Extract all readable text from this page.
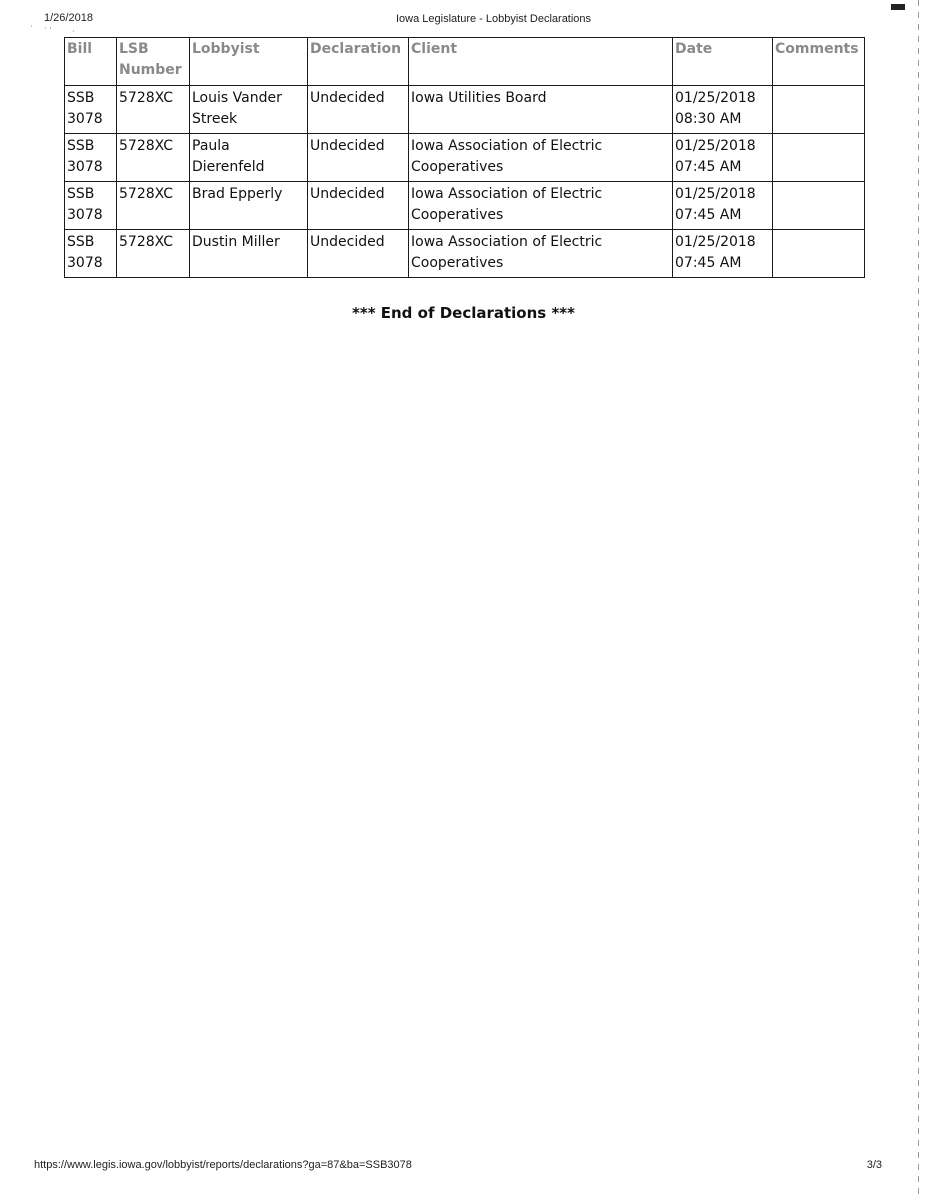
· · ·	·
1/26/2018	Iowa Legislature - Lobbyist Declarations
Bill	LSB Number	Lobbyist	Declaration	Client	Date	Comments
SSB 3078	5728XC	Louis Vander Streek	Undecided	Iowa Utilities Board	01/25/2018 08:30 AM	
SSB 3078	5728XC	Paula Dierenfeld	Undecided	Iowa Association of Electric Cooperatives	01/25/2018 07:45 AM	
SSB 3078	5728XC	Brad Epperly	Undecided	Iowa Association of Electric Cooperatives	01/25/2018 07:45 AM	
SSB 3078	5728XC	Dustin Miller	Undecided	Iowa Association of Electric Cooperatives	01/25/2018 07:45 AM	
*** End of Declarations ***
https://www.legis.iowa.gov/lobbyist/reports/declarations?ga=87&ba=SSB3078	3/3
